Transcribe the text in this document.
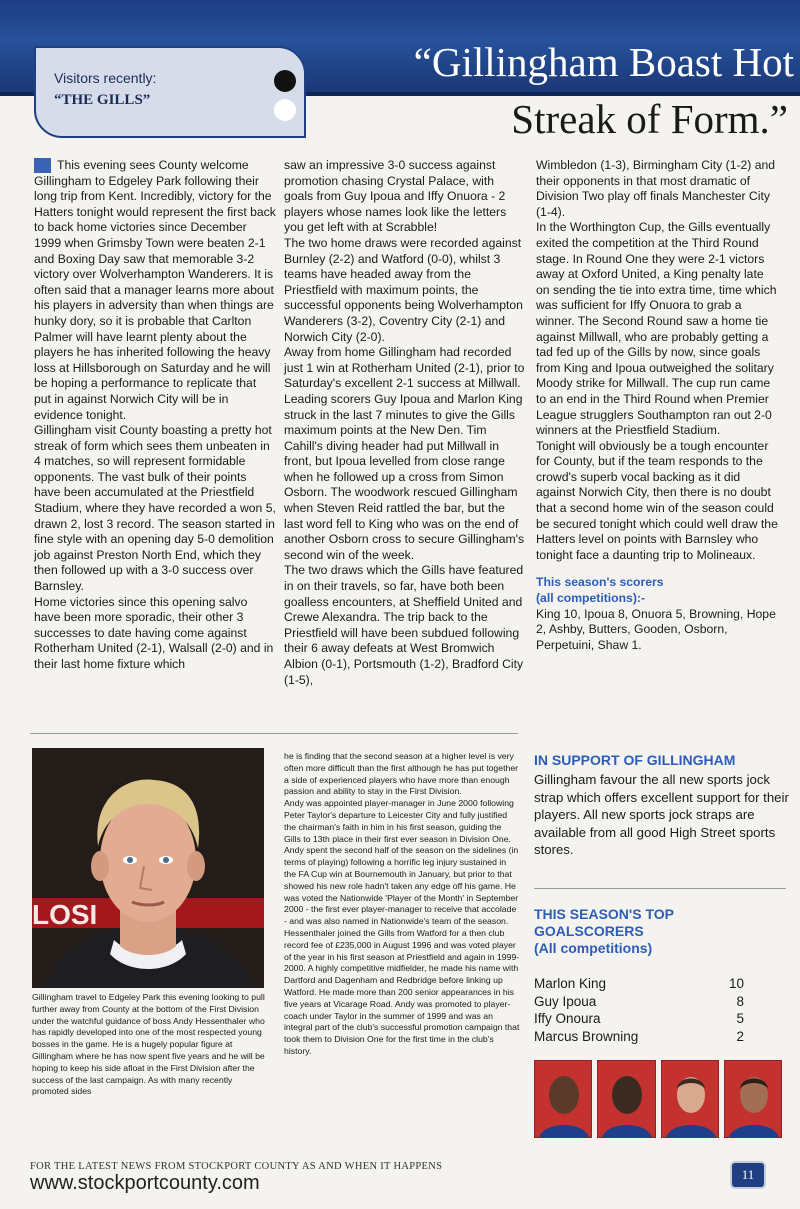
Visitors recently:
“THE GILLS”
“Gillingham Boast Hot
Streak of Form.”

This evening sees County welcome Gillingham to Edgeley Park following their long trip from Kent. Incredibly, victory for the Hatters tonight would represent the first back to back home victories since December 1999 when Grimsby Town were beaten 2-1 and Boxing Day saw that memorable 3-2 victory over Wolverhampton Wanderers. It is often said that a manager learns more about his players in adversity than when things are hunky dory, so it is probable that Carlton Palmer will have learnt plenty about the players he has inherited following the heavy loss at Hillsborough on Saturday and he will be hoping a performance to replicate that put in against Norwich City will be in evidence tonight.

Gillingham visit County boasting a pretty hot streak of form which sees them unbeaten in 4 matches, so will represent formidable opponents. The vast bulk of their points have been accumulated at the Priestfield Stadium, where they have recorded a won 5, drawn 2, lost 3 record. The season started in fine style with an opening day 5-0 demolition job against Preston North End, which they then followed up with a 3-0 success over Barnsley.

Home victories since this opening salvo have been more sporadic, their other 3 successes to date having come against Rotherham United (2-1), Walsall (2-0) and in their last home fixture which

saw an impressive 3-0 success against promotion chasing Crystal Palace, with goals from Guy Ipoua and Iffy Onuora - 2 players whose names look like the letters you get left with at Scrabble!

The two home draws were recorded against Burnley (2-2) and Watford (0-0), whilst 3 teams have headed away from the Priestfield with maximum points, the successful opponents being Wolverhampton Wanderers (3-2), Coventry City (2-1) and Norwich City (2-0).

Away from home Gillingham had recorded just 1 win at Rotherham United (2-1), prior to Saturday's excellent 2-1 success at Millwall. Leading scorers Guy Ipoua and Marlon King struck in the last 7 minutes to give the Gills maximum points at the New Den. Tim Cahill's diving header had put Millwall in front, but Ipoua levelled from close range when he followed up a cross from Simon Osborn. The woodwork rescued Gillingham when Steven Reid rattled the bar, but the last word fell to King who was on the end of another Osborn cross to secure Gillingham's second win of the week.

The two draws which the Gills have featured in on their travels, so far, have both been goalless encounters, at Sheffield United and Crewe Alexandra. The trip back to the Priestfield will have been subdued following their 6 away defeats at West Bromwich Albion (0-1), Portsmouth (1-2), Bradford City (1-5),

Wimbledon (1-3), Birmingham City (1-2) and their opponents in that most dramatic of Division Two play off finals Manchester City (1-4).

In the Worthington Cup, the Gills eventually exited the competition at the Third Round stage. In Round One they were 2-1 victors away at Oxford United, a King penalty late on sending the tie into extra time, time which was sufficient for Iffy Onuora to grab a winner. The Second Round saw a home tie against Millwall, who are probably getting a tad fed up of the Gills by now, since goals from King and Ipoua outweighed the solitary Moody strike for Millwall. The cup run came to an end in the Third Round when Premier League strugglers Southampton ran out 2-0 winners at the Priestfield Stadium.

Tonight will obviously be a tough encounter for County, but if the team responds to the crowd's superb vocal backing as it did against Norwich City, then there is no doubt that a second home win of the season could be secured tonight which could well draw the Hatters level on points with Barnsley who tonight face a daunting trip to Molineaux.

This season's scorers
(all competitions):-

King 10, Ipoua 8, Onuora 5, Browning, Hope 2, Ashby, Butters, Gooden, Osborn, Perpetuini, Shaw 1.

LOSI
Gillingham travel to Edgeley Park this evening looking to pull further away from County at the bottom of the First Division under the watchful guidance of boss Andy Hessenthaler who has rapidly developed into one of the most respected young bosses in the game. He is a hugely popular figure at Gillingham where he has now spent five years and he will be hoping to keep his side afloat in the First Division after the success of the last campaign. As with many recently promoted sides
he is finding that the second season at a higher level is very often more difficult than the first although he has put together a side of experienced players who have more than enough passion and ability to stay in the First Division.
Andy was appointed player-manager in June 2000 following Peter Taylor's departure to Leicester City and fully justified the chairman's faith in him in his first season, guiding the Gills to 13th place in their first ever season in Division One. Andy spent the second half of the season on the sidelines (in terms of playing) following a horrific leg injury sustained in the FA Cup win at Bournemouth in January, but prior to that showed his new role hadn't taken any edge off his game. He was voted the Nationwide 'Player of the Month' in September 2000 - the first ever player-manager to receive that accolade - and was also named in Nationwide's team of the season.
Hessenthaler joined the Gills from Watford for a then club record fee of £235,000 in August 1996 and was voted player of the year in his first season at Priestfield and again in 1999-2000. A highly competitive midfielder, he made his name with Dartford and Dagenham and Redbridge before linking up Watford. He made more than 200 senior appearances in his five years at Vicarage Road. Andy was promoted to player-coach under Taylor in the summer of 1999 and was an integral part of the club's successful promotion campaign that took them to Division One for the first time in the club's history.
IN SUPPORT OF GILLINGHAM
Gillingham favour the all new sports jock strap which offers excellent support for their players. All new sports jock straps are available from all good High Street sports stores.
THIS SEASON'S TOP
GOALSCORERS
(All competitions)
Marlon King	10
Guy Ipoua	8
Iffy Onoura	5
Marcus Browning	2
FOR THE LATEST NEWS FROM STOCKPORT COUNTY AS AND WHEN IT HAPPENS
www.stockportcounty.com	11
